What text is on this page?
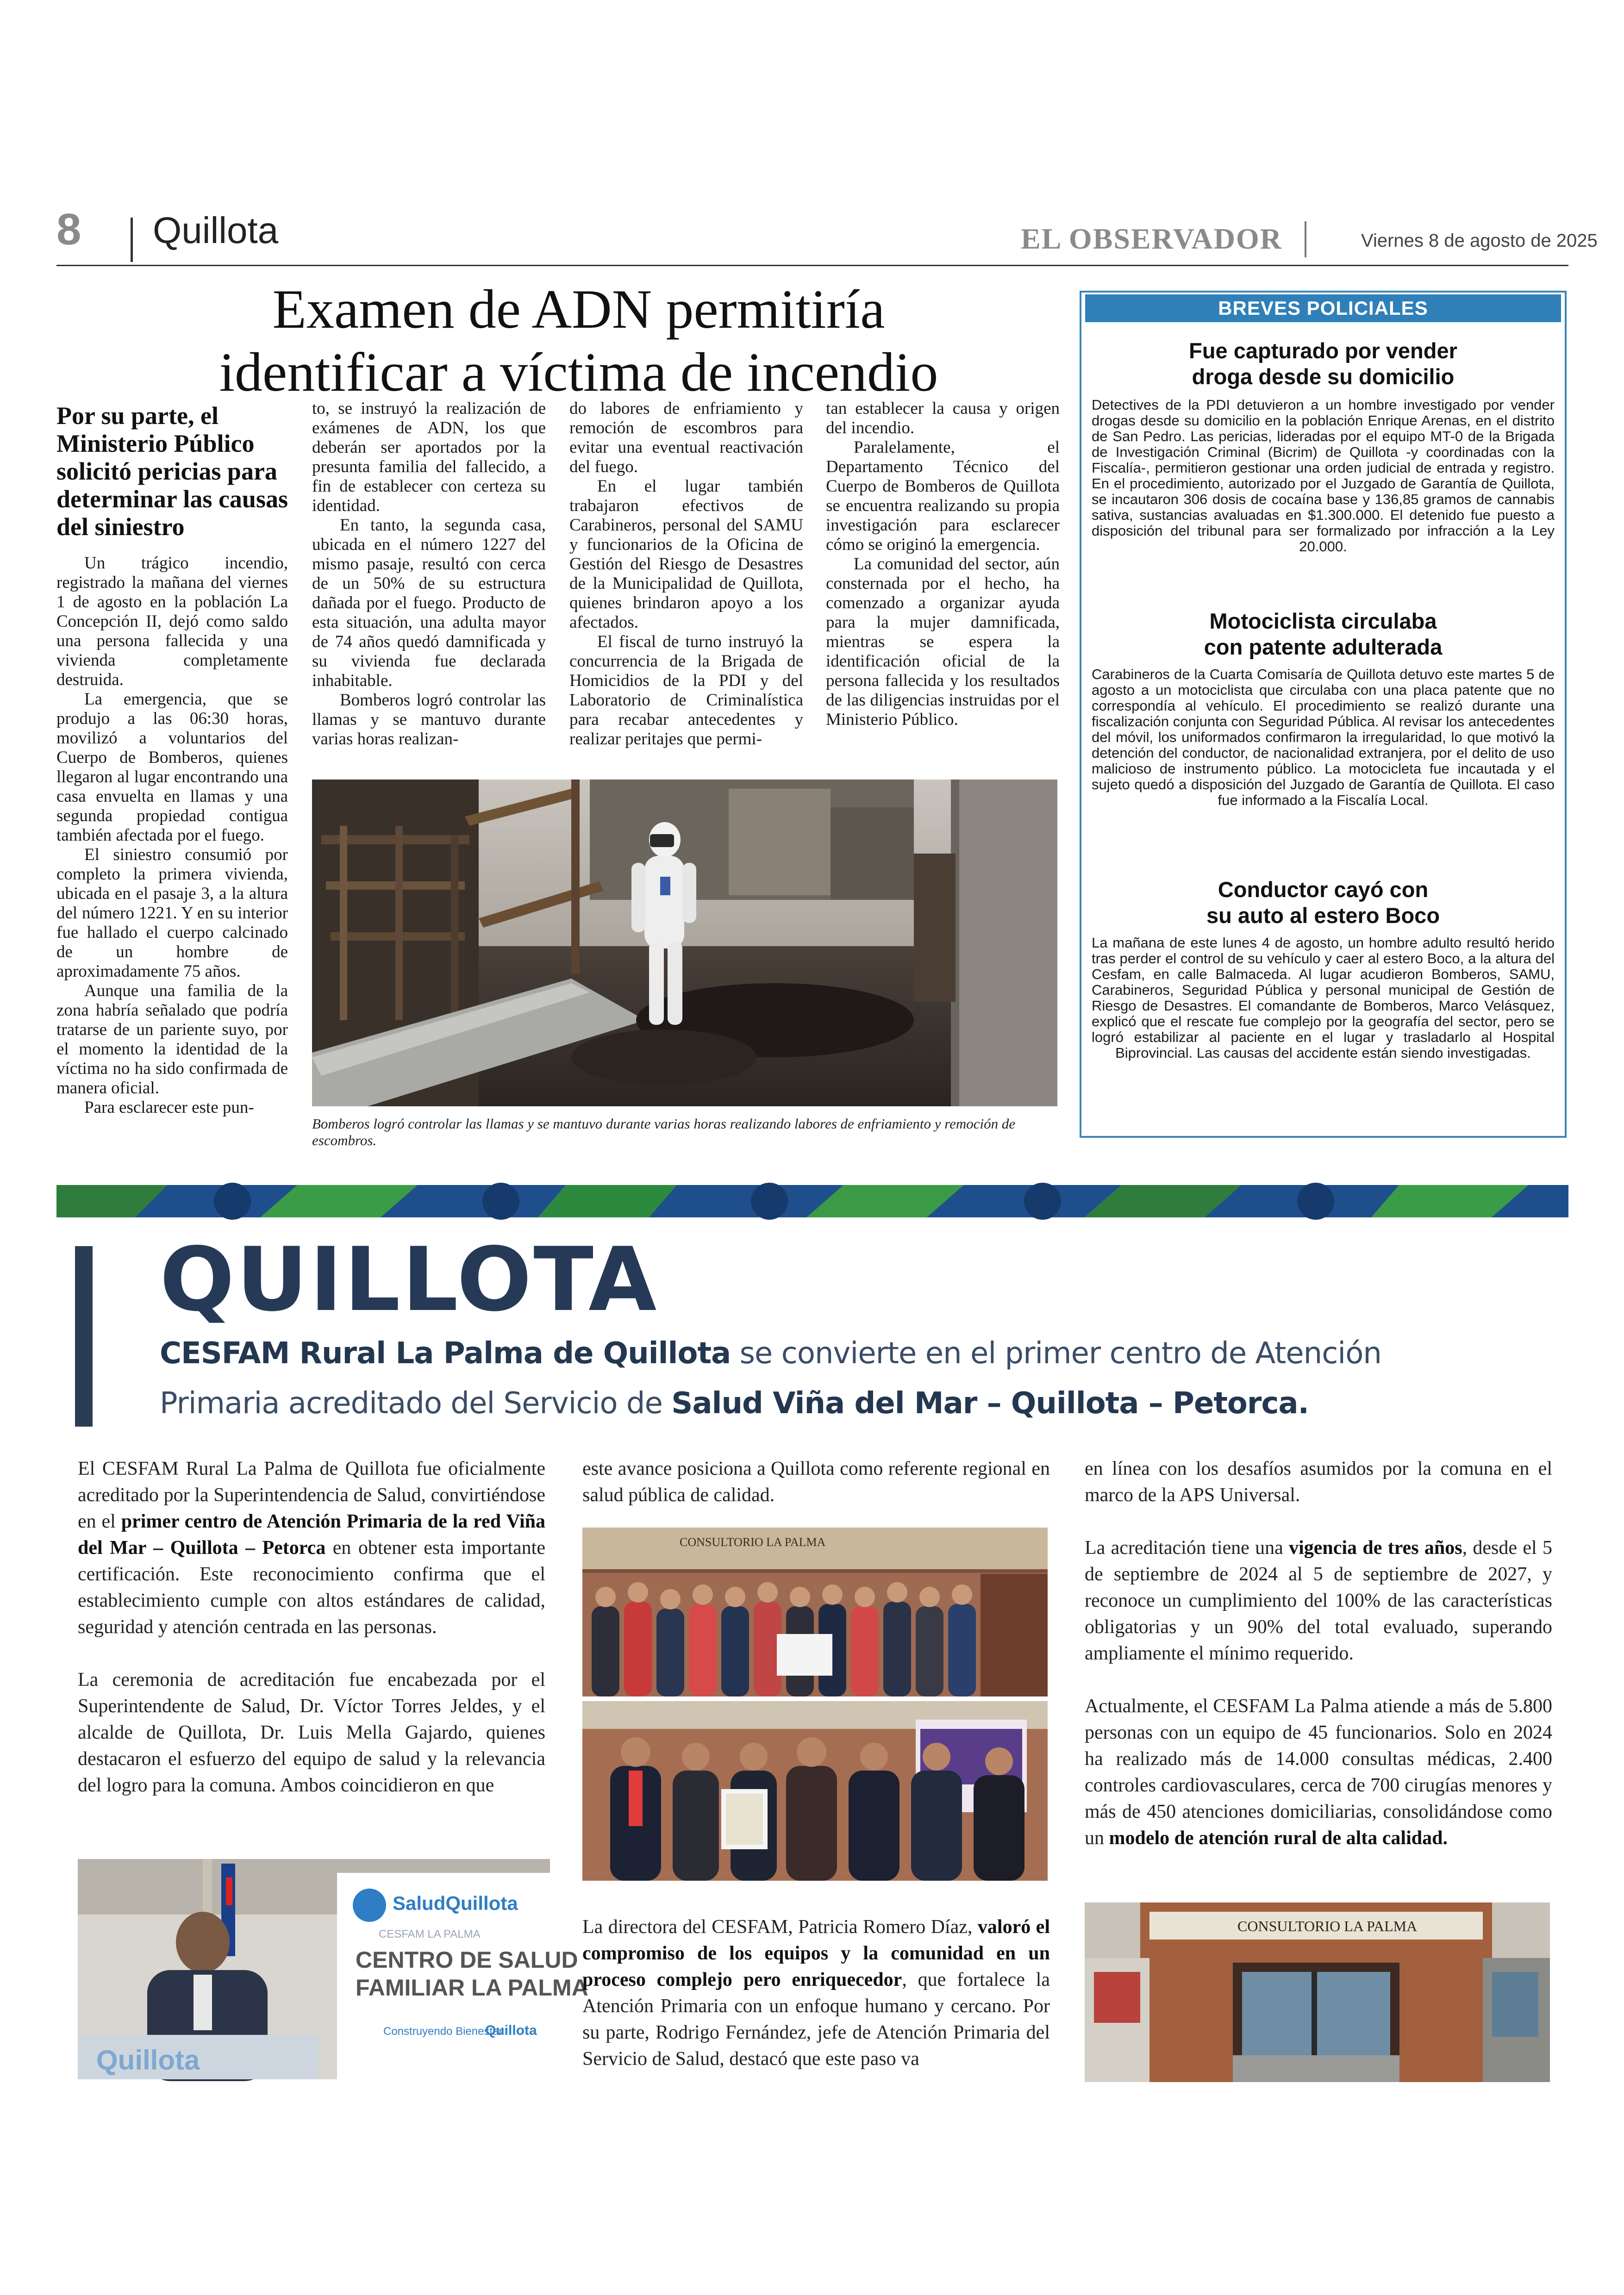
8 Quillota	EL OBSERVADOR	Viernes 8 de agosto de 2025
Examen de ADN permitiría
identificar a víctima de incendio
Por su parte, el Ministerio Público solicitó pericias para determinar las causas del siniestro

Un trágico incendio, registrado la mañana del viernes 1 de agosto en la población La Concepción II, dejó como saldo una persona fallecida y una vivienda completamente destruida.

La emergencia, que se produjo a las 06:30 horas, movilizó a voluntarios del Cuerpo de Bomberos, quienes llegaron al lugar encontrando una casa envuelta en llamas y una segunda propiedad contigua también afectada por el fuego.

El siniestro consumió por completo la primera vivienda, ubicada en el pasaje 3, a la altura del número 1221. Y en su interior fue hallado el cuerpo calcinado de un hombre de aproximadamente 75 años.

Aunque una familia de la zona habría señalado que podría tratarse de un pariente suyo, por el momento la identidad de la víctima no ha sido confirmada de manera oficial.

Para esclarecer este pun-

to, se instruyó la realización de exámenes de ADN, los que deberán ser aportados por la presunta familia del fallecido, a fin de establecer con certeza su identidad.

En tanto, la segunda casa, ubicada en el número 1227 del mismo pasaje, resultó con cerca de un 50% de su estructura dañada por el fuego. Producto de esta situación, una adulta mayor de 74 años quedó damnificada y su vivienda fue declarada inhabitable.

Bomberos logró controlar las llamas y se mantuvo durante varias horas realizan-

do labores de enfriamiento y remoción de escombros para evitar una eventual reactivación del fuego.

En el lugar también trabajaron efectivos de Carabineros, personal del SAMU y funcionarios de la Oficina de Gestión del Riesgo de Desastres de la Municipalidad de Quillota, quienes brindaron apoyo a los afectados.

El fiscal de turno instruyó la concurrencia de la Brigada de Homicidios de la PDI y del Laboratorio de Criminalística para recabar antecedentes y realizar peritajes que permi-

tan establecer la causa y origen del incendio.

Paralelamente, el Departamento Técnico del Cuerpo de Bomberos de Quillota se encuentra realizando su propia investigación para esclarecer cómo se originó la emergencia.

La comunidad del sector, aún consternada por el hecho, ha comenzado a organizar ayuda para la mujer damnificada, mientras se espera la identificación oficial de la persona fallecida y los resultados de las diligencias instruidas por el Ministerio Público.

Bomberos logró controlar las llamas y se mantuvo durante varias horas realizando labores de enfriamiento y remoción de escombros.
BREVES POLICIALES
Fue capturado por vender
droga desde su domicilio
Detectives de la PDI detuvieron a un hombre investigado por vender drogas desde su domicilio en la población Enrique Arenas, en el distrito de San Pedro. Las pericias, lideradas por el equipo MT-0 de la Brigada de Investigación Criminal (Bicrim) de Quillota -y coordinadas con la Fiscalía-, permitieron gestionar una orden judicial de entrada y registro. En el procedimiento, autorizado por el Juzgado de Garantía de Quillota, se incautaron 306 dosis de cocaína base y 136,85 gramos de cannabis sativa, sustancias avaluadas en $1.300.000. El detenido fue puesto a disposición del tribunal para ser formalizado por infracción a la Ley 20.000.
Motociclista circulaba
con patente adulterada
Carabineros de la Cuarta Comisaría de Quillota detuvo este martes 5 de agosto a un motociclista que circulaba con una placa patente que no correspondía al vehículo. El procedimiento se realizó durante una fiscalización conjunta con Seguridad Pública. Al revisar los antecedentes del móvil, los uniformados confirmaron la irregularidad, lo que motivó la detención del conductor, de nacionalidad extranjera, por el delito de uso malicioso de instrumento público. La motocicleta fue incautada y el sujeto quedó a disposición del Juzgado de Garantía de Quillota. El caso fue informado a la Fiscalía Local.
Conductor cayó con
su auto al estero Boco
La mañana de este lunes 4 de agosto, un hombre adulto resultó herido tras perder el control de su vehículo y caer al estero Boco, a la altura del Cesfam, en calle Balmaceda. Al lugar acudieron Bomberos, SAMU, Carabineros, Seguridad Pública y personal municipal de Gestión de Riesgo de Desastres. El comandante de Bomberos, Marco Velásquez, explicó que el rescate fue complejo por la geografía del sector, pero se logró estabilizar al paciente en el lugar y trasladarlo al Hospital Biprovincial. Las causas del accidente están siendo investigadas.
QUILLOTA
CESFAM Rural La Palma de Quillota se convierte en el primer centro de Atención
Primaria acreditado del Servicio de Salud Viña del Mar – Quillota – Petorca.

El CESFAM Rural La Palma de Quillota fue oficialmente acreditado por la Superintendencia de Salud, convirtiéndose en el primer centro de Atención Primaria de la red Viña del Mar – Quillota – Petorca en obtener esta importante certificación. Este reconocimiento confirma que el establecimiento cumple con altos estándares de calidad, seguridad y atención centrada en las personas.

La ceremonia de acreditación fue encabezada por el Superintendente de Salud, Dr. Víctor Torres Jeldes, y el alcalde de Quillota, Dr. Luis Mella Gajardo, quienes destacaron el esfuerzo del equipo de salud y la relevancia del logro para la comuna. Ambos coincidieron en que

Quillota
SaludQuillota
CESFAM LA PALMA
CENTRO DE SALUD
FAMILIAR LA PALMA
Construyendo Bienestar
Quillota

este avance posiciona a Quillota como referente regional en salud pública de calidad.

CONSULTORIO LA PALMA

La directora del CESFAM, Patricia Romero Díaz, valoró el compromiso de los equipos y la comunidad en un proceso complejo pero enriquecedor, que fortalece la Atención Primaria con un enfoque humano y cercano. Por su parte, Rodrigo Fernández, jefe de Atención Primaria del Servicio de Salud, destacó que este paso va

en línea con los desafíos asumidos por la comuna en el marco de la APS Universal.

La acreditación tiene una vigencia de tres años, desde el 5 de septiembre de 2024 al 5 de septiembre de 2027, y reconoce un cumplimiento del 100% de las características obligatorias y un 90% del total evaluado, superando ampliamente el mínimo requerido.

Actualmente, el CESFAM La Palma atiende a más de 5.800 personas con un equipo de 45 funcionarios. Solo en 2024 ha realizado más de 14.000 consultas médicas, 2.400 controles cardiovasculares, cerca de 700 cirugías menores y más de 450 atenciones domiciliarias, consolidándose como un modelo de atención rural de alta calidad.

CONSULTORIO LA PALMA
